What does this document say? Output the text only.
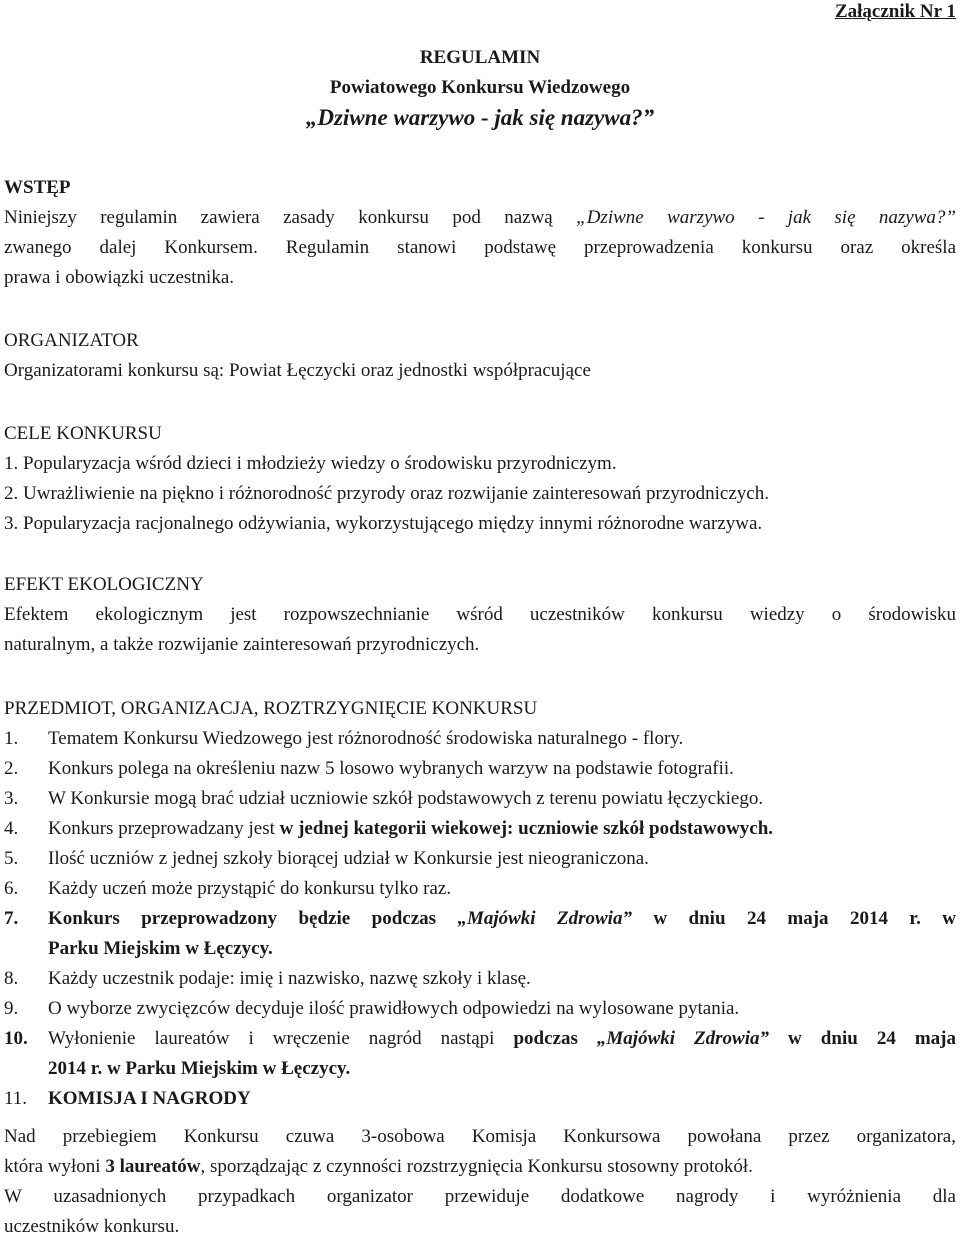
Załącznik Nr 1
REGULAMIN
Powiatowego Konkursu Wiedzowego
„Dziwne warzywo - jak się nazywa?”
WSTĘP
Niniejszy regulamin zawiera zasady konkursu pod nazwą „Dziwne warzywo - jak się nazywa?”
zwanego dalej Konkursem. Regulamin stanowi podstawę przeprowadzenia konkursu oraz określa
prawa i obowiązki uczestnika.
ORGANIZATOR
Organizatorami konkursu są: Powiat Łęczycki oraz jednostki współpracujące
CELE KONKURSU
1. Popularyzacja wśród dzieci i młodzieży wiedzy o środowisku przyrodniczym.
2. Uwrażliwienie na piękno i różnorodność przyrody oraz rozwijanie zainteresowań przyrodniczych.
3. Popularyzacja racjonalnego odżywiania, wykorzystującego między innymi różnorodne warzywa.
EFEKT EKOLOGICZNY
Efektem ekologicznym jest rozpowszechnianie wśród uczestników konkursu wiedzy o środowisku
naturalnym, a także rozwijanie zainteresowań przyrodniczych.
PRZEDMIOT, ORGANIZACJA, ROZTRZYGNIĘCIE KONKURSU
1.	Tematem Konkursu Wiedzowego jest różnorodność środowiska naturalnego - flory.
2.	Konkurs polega na określeniu nazw 5 losowo wybranych warzyw na podstawie fotografii.
3.	W Konkursie mogą brać udział uczniowie szkół podstawowych z terenu powiatu łęczyckiego.
4.	Konkurs przeprowadzany jest w jednej kategorii wiekowej: uczniowie szkół podstawowych.
5.	Ilość uczniów z jednej szkoły biorącej udział w Konkursie jest nieograniczona.
6.	Każdy uczeń może przystąpić do konkursu tylko raz.
7.	Konkurs przeprowadzony będzie podczas „Majówki Zdrowia” w dniu 24 maja 2014 r. w
Parku Miejskim w Łęczycy.
8.	Każdy uczestnik podaje: imię i nazwisko, nazwę szkoły i klasę.
9.	O wyborze zwycięzców decyduje ilość prawidłowych odpowiedzi na wylosowane pytania.
10.	Wyłonienie laureatów i wręczenie nagród nastąpi podczas „Majówki Zdrowia” w dniu 24 maja
2014 r. w Parku Miejskim w Łęczycy.
11.	KOMISJA I NAGRODY
Nad przebiegiem Konkursu czuwa 3-osobowa Komisja Konkursowa powołana przez organizatora,
która wyłoni 3 laureatów, sporządzając z czynności rozstrzygnięcia Konkursu stosowny protokół.
W uzasadnionych przypadkach organizator przewiduje dodatkowe nagrody i wyróżnienia dla
uczestników konkursu.
